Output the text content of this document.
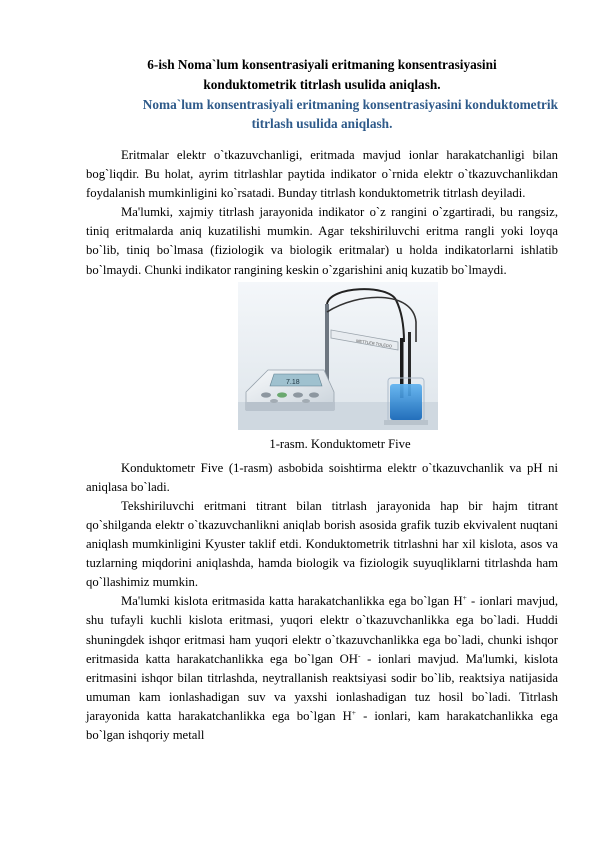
6-ish Noma`lum konsentrasiyali eritmaning konsentrasiyasini
konduktometrik titrlash usulida aniqlash.
Noma`lum konsentrasiyali eritmaning konsentrasiyasini konduktometrik
titrlash usulida aniqlash.

Eritmalar elektr o`tkazuvchanligi, eritmada mavjud ionlar harakatchanligi bilan bog`liqdir. Bu holat, ayrim titrlashlar paytida indikator o`rnida elektr o`tkazuvchanlikdan foydalanish mumkinligini ko`rsatadi. Bunday titrlash konduktometrik titrlash deyiladi.

Ma'lumki, xajmiy titrlash jarayonida indikator o`z rangini o`zgartiradi, bu rangsiz, tiniq eritmalarda aniq kuzatilishi mumkin. Agar tekshiriluvchi eritma rangli yoki loyqa bo`lib, tiniq bo`lmasa (fiziologik va biologik eritmalar) u holda indikatorlarni ishlatib bo`lmaydi. Chunki indikator rangining keskin o`zgarishini aniq kuzatib bo`lmaydi.

METTLER TOLEDO
7.18
1-rasm. Konduktometr Five

Konduktometr Five (1-rasm) asbobida soishtirma elektr o`tkazuvchanlik va pH ni aniqlasa bo`ladi.

Tekshiriluvchi eritmani titrant bilan titrlash jarayonida hap bir hajm titrant qo`shilganda elektr o`tkazuvchanlikni aniqlab borish asosida grafik tuzib ekvivalent nuqtani aniqlash mumkinligini Kyuster taklif etdi. Konduktometrik titrlashni har xil kislota, asos va tuzlarning miqdorini aniqlashda, hamda biologik va fiziologik suyuqliklarni titrlashda ham qo`llashimiz mumkin.

Ma'lumki kislota eritmasida katta harakatchanlikka ega bo`lgan H+ - ionlari mavjud, shu tufayli kuchli kislota eritmasi, yuqori elektr o`tkazuvchanlikka ega bo`ladi. Huddi shuningdek ishqor eritmasi ham yuqori elektr o`tkazuvchanlikka ega bo`ladi, chunki ishqor eritmasida katta harakatchanlikka ega bo`lgan OH- - ionlari mavjud. Ma'lumki, kislota eritmasini ishqor bilan titrlashda, neytrallanish reaktsiyasi sodir bo`lib, reaktsiya natijasida umuman kam ionlashadigan suv va yaxshi ionlashadigan tuz hosil bo`ladi. Titrlash jarayonida katta harakatchanlikka ega bo`lgan H+ - ionlari, kam harakatchanlikka ega bo`lgan ishqoriy metall
